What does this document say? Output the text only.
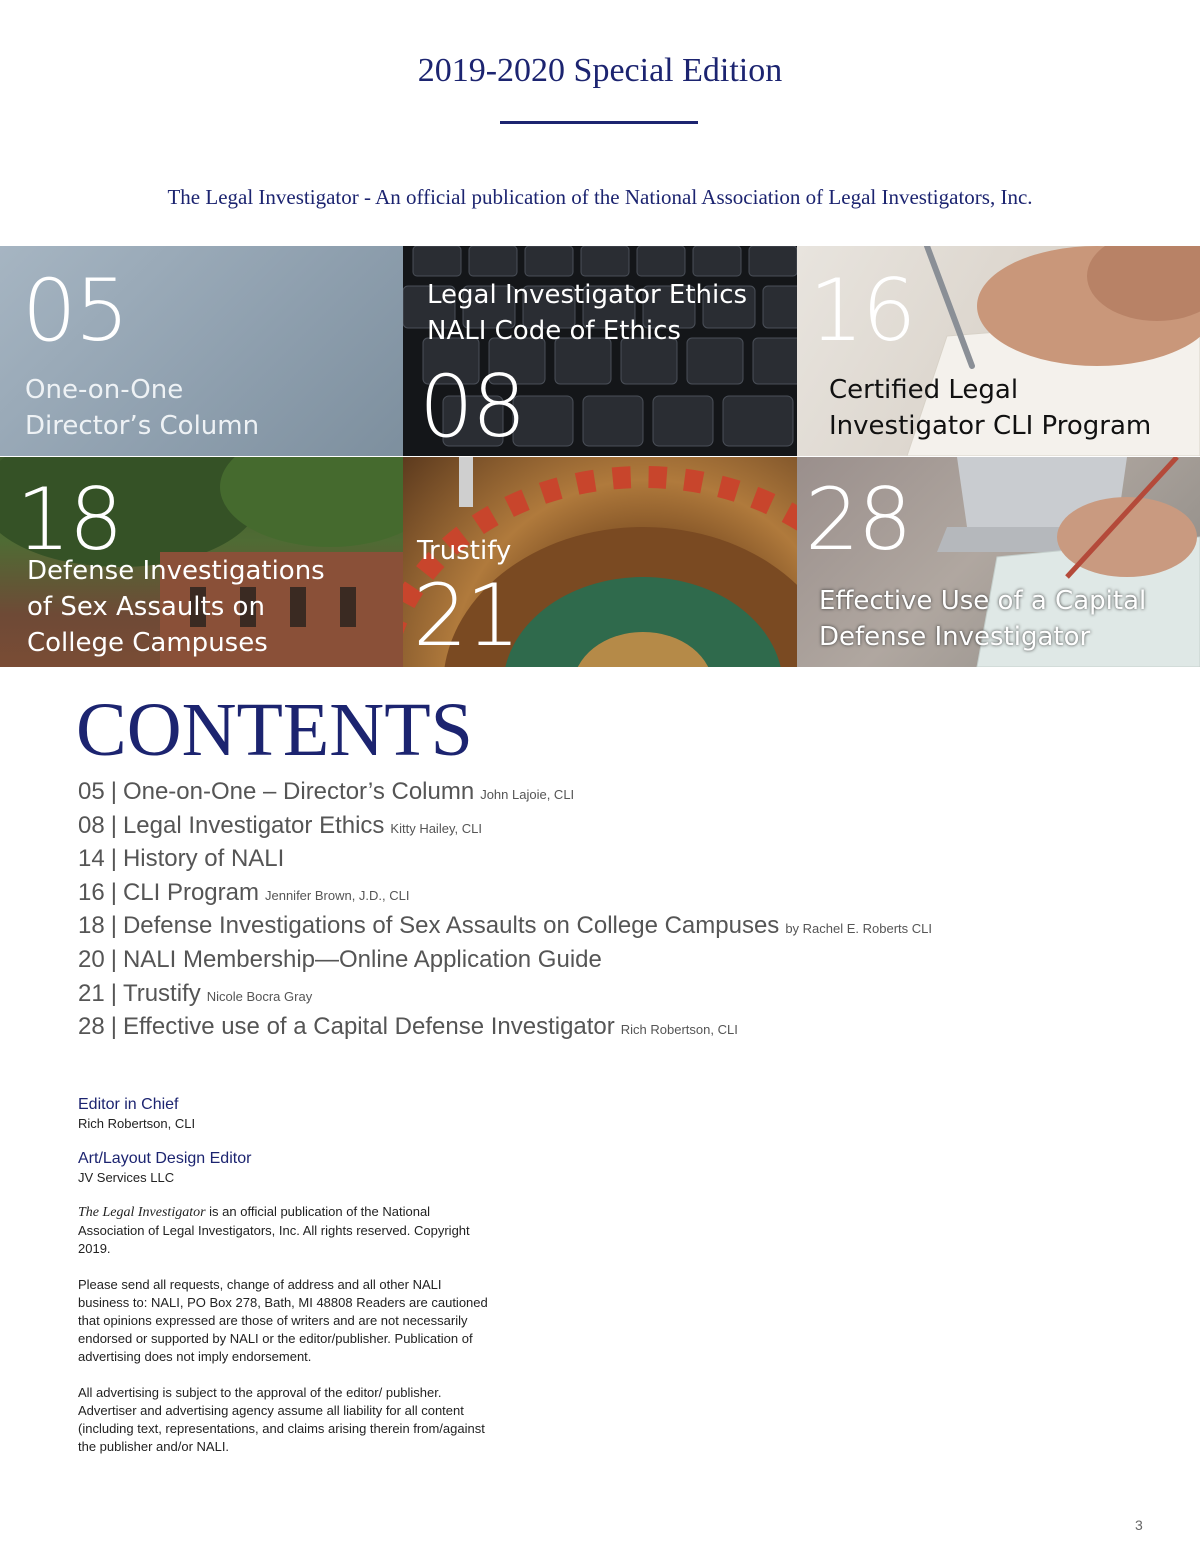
2019-2020 Special Edition
The Legal Investigator - An official publication of the National Association of Legal Investigators, Inc.
05
One-on-One
Director’s Column
Legal Investigator Ethics
NALI Code of Ethics
08
16
Certified Legal
Investigator CLI Program
18
Defense Investigations
of Sex Assaults on
College Campuses
Trustify
21
28
Effective Use of a Capital
Defense Investigator
CONTENTS
05 | One-on-One – Director’s Column John Lajoie, CLI
08 | Legal Investigator Ethics Kitty Hailey, CLI
14 | History of NALI
16 | CLI Program Jennifer Brown, J.D., CLI
18 | Defense Investigations of Sex Assaults on College Campuses by Rachel E. Roberts CLI
20 | NALI Membership—Online Application Guide
21 | Trustify Nicole Bocra Gray
28 | Effective use of a Capital Defense Investigator Rich Robertson, CLI
Editor in Chief
Rich Robertson, CLI
Art/Layout Design Editor
JV Services LLC

The Legal Investigator is an official publication of the National Association of Legal Investigators, Inc. All rights reserved. Copyright 2019.

Please send all requests, change of address and all other NALI business to: NALI, PO Box 278, Bath, MI 48808 Readers are cautioned that opinions expressed are those of writers and are not necessarily endorsed or supported by NALI or the editor/publisher. Publication of advertising does not imply endorsement.

All advertising is subject to the approval of the editor/ publisher. Advertiser and advertising agency assume all liability for all content (including text, representations, and claims arising therein from/against the publisher and/or NALI.

3
